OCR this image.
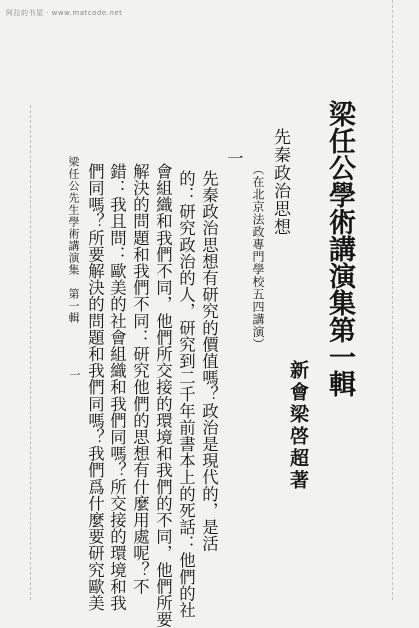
阿拉的书屋 · www.matcode.net
梁任公學術講演集第一輯
新會梁啓超著
先秦政治思想
（在北京法政專門學校五四講演）
一
先秦政治思想有研究的價值嗎？政治是現代的，是活
的：研究政治的人，研究到二千年前書本上的死話：他們的社
會組織和我們不同，他們所交接的環境和我們的不同，他們所要
解決的問題和我們不同：研究他們的思想有什麼用處呢？不
錯：我且問：歐美的社會組織和我們同嗎？所交接的環境和我
們同嗎？所要解決的問題和我們同嗎？我們爲什麼要研究歐美
梁任公先生學術講演集　第一輯
一
